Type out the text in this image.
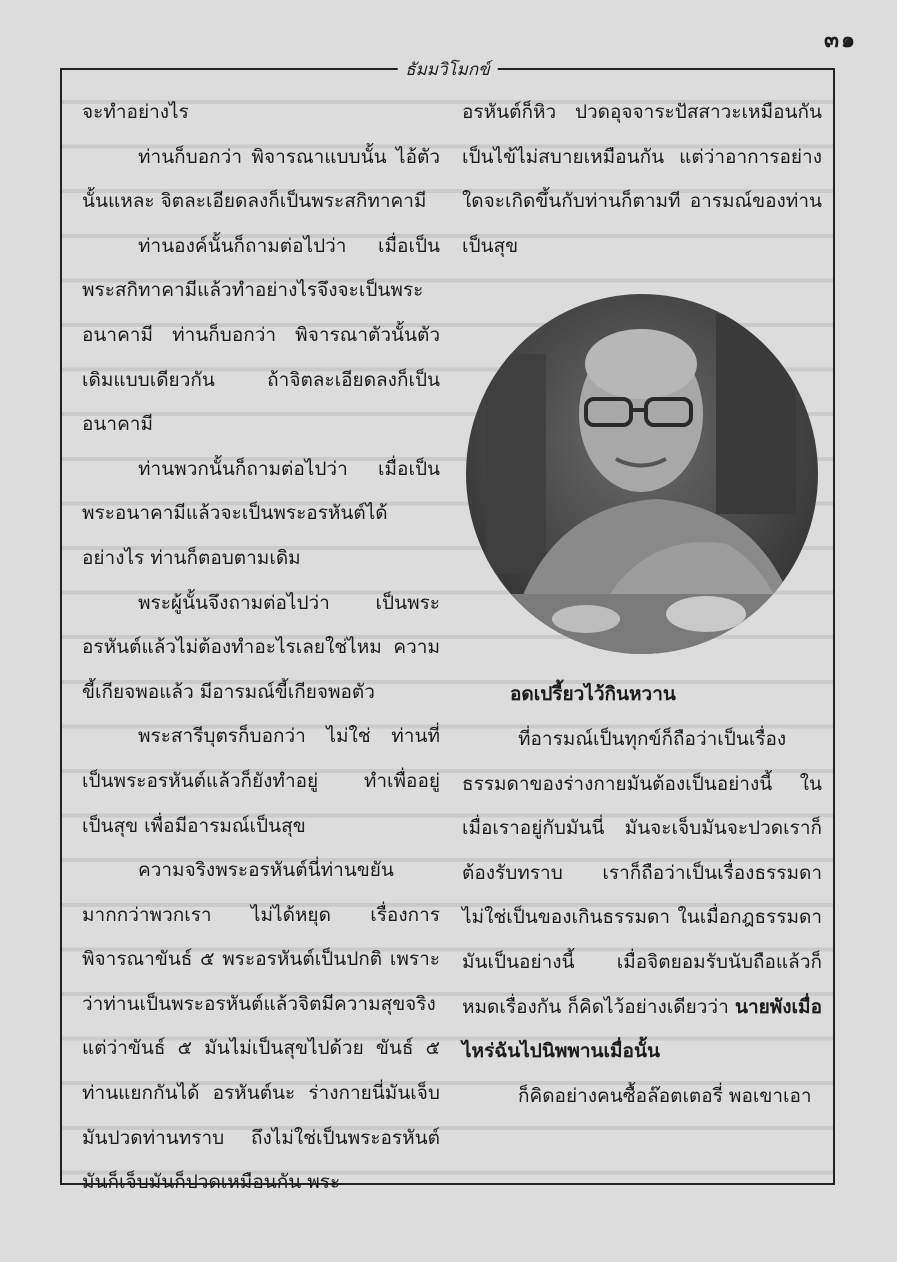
๓๑
ธัมมวิโมกข์

จะทำอย่างไร

ท่านก็บอกว่า พิจารณาแบบนั้น ไอ้ตัวนั้นแหละ จิตละเอียดลงก็เป็นพระสกิทาคามี

ท่านองค์นั้นก็ถามต่อไปว่า เมื่อเป็นพระสกิทาคามีแล้วทำอย่างไรจึงจะเป็นพระอนาคามี ท่านก็บอกว่า พิจารณาตัวนั้นตัวเดิมแบบเดียวกัน ถ้าจิตละเอียดลงก็เป็นอนาคามี

ท่านพวกนั้นก็ถามต่อไปว่า เมื่อเป็นพระอนาคามีแล้วจะเป็นพระอรหันต์ได้อย่างไร ท่านก็ตอบตามเดิม

พระผู้นั้นจึงถามต่อไปว่า เป็นพระอรหันต์แล้วไม่ต้องทำอะไรเลยใช่ไหม ความขี้เกียจพอแล้ว มีอารมณ์ขี้เกียจพอตัว

พระสารีบุตรก็บอกว่า ไม่ใช่ ท่านที่เป็นพระอรหันต์แล้วก็ยังทำอยู่ ทำเพื่ออยู่เป็นสุข เพื่อมีอารมณ์เป็นสุข

ความจริงพระอรหันต์นี่ท่านขยันมากกว่าพวกเรา ไม่ได้หยุด เรื่องการพิจารณาขันธ์ ๕ พระอรหันต์เป็นปกติ เพราะว่าท่านเป็นพระอรหันต์แล้วจิตมีความสุขจริง แต่ว่าขันธ์ ๕ มันไม่เป็นสุขไปด้วย ขันธ์ ๕ ท่านแยกกันได้ อรหันต์นะ ร่างกายนี่มันเจ็บมันปวดท่านทราบ ถึงไม่ใช่เป็นพระอรหันต์มันก็เจ็บมันก็ปวดเหมือนกัน พระ

อรหันต์ก็หิว ปวดอุจจาระปัสสาวะเหมือนกัน เป็นไข้ไม่สบายเหมือนกัน แต่ว่าอาการอย่างใดจะเกิดขึ้นกับท่านก็ตามที อารมณ์ของท่านเป็นสุข

อดเปรี้ยวไว้กินหวาน

ที่อารมณ์เป็นทุกข์ก็ถือว่าเป็นเรื่องธรรมดาของร่างกายมันต้องเป็นอย่างนี้ ในเมื่อเราอยู่กับมันนี่ มันจะเจ็บมันจะปวดเราก็ต้องรับทราบ เราก็ถือว่าเป็นเรื่องธรรมดาไม่ใช่เป็นของเกินธรรมดา ในเมื่อกฎธรรมดามันเป็นอย่างนี้ เมื่อจิตยอมรับนับถือแล้วก็หมดเรื่องกัน ก็คิดไว้อย่างเดียวว่า นายพังเมื่อไหร่ฉันไปนิพพานเมื่อนั้น

ก็คิดอย่างคนซื้อล๊อตเตอรี่ พอเขาเอา
